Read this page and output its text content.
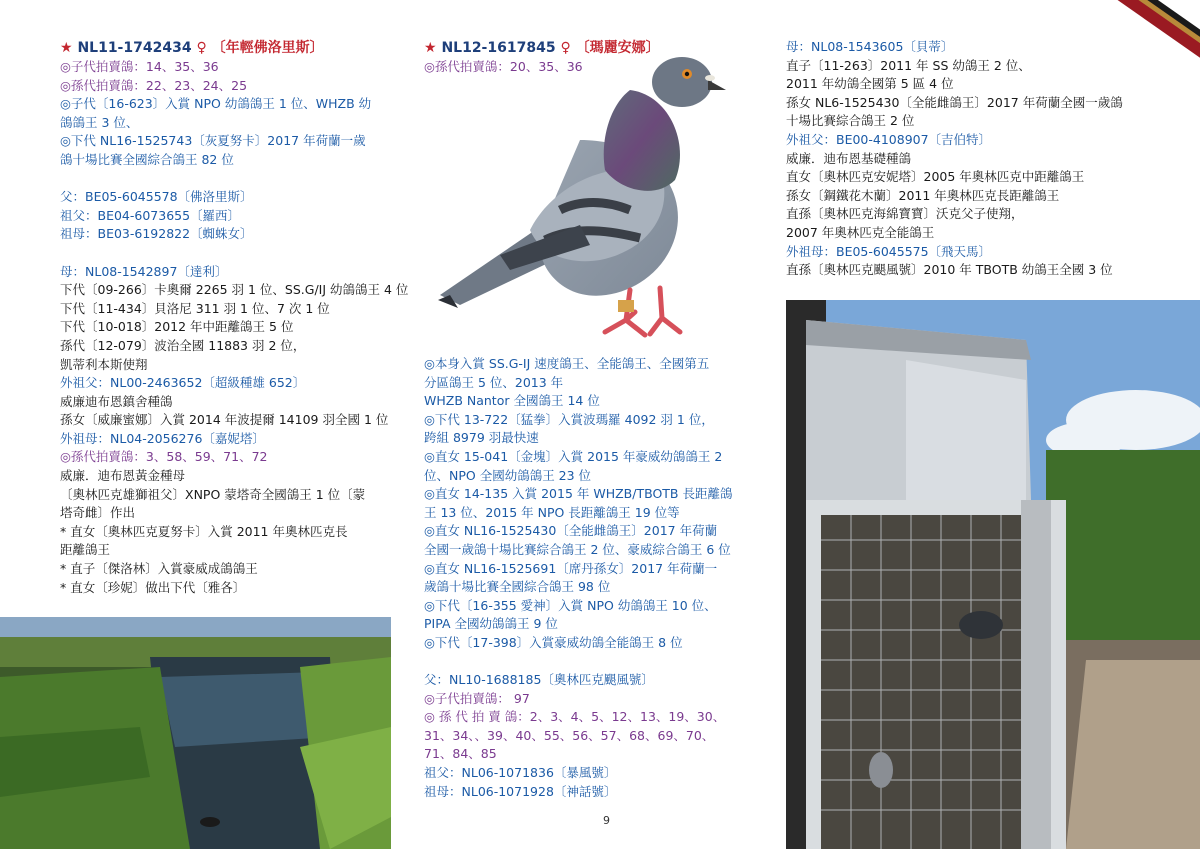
★ NL11-1742434 ♀ 〔年輕佛洛里斯〕
◎子代拍賣鴿：14、35、36
◎孫代拍賣鴿：22、23、24、25
◎子代〔16-623〕入賞 NPO 幼鴿鴿王 1 位、WHZB 幼
鴿鴿王 3 位、
◎下代 NL16-1525743〔灰夏努卡〕2017 年荷蘭一歲
鴿十場比賽全國綜合鴿王 82 位
父：BE05-6045578〔佛洛里斯〕
祖父：BE04-6073655〔羅西〕
祖母：BE03-6192822〔蜘蛛女〕
母：NL08-1542897〔達利〕
下代〔09-266〕卡奧爾 2265 羽 1 位、SS.G/IJ 幼鴿鴿王 4 位
下代〔11-434〕貝洛尼 311 羽 1 位、7 次 1 位
下代〔10-018〕2012 年中距離鴿王 5 位
孫代〔12-079〕波治全國 11883 羽 2 位，
凱蒂利本斯使翔
外祖父：NL00-2463652〔超級種雄 652〕
威廉迪布恩鎮舍種鴿
孫女〔威廉蜜娜〕入賞 2014 年波提爾 14109 羽全國 1 位
外祖母：NL04-2056276〔嘉妮塔〕
◎孫代拍賣鴿：3、58、59、71、72
威廉．迪布恩黃金種母
〔奧林匹克雄獅祖父〕XNPO 蒙塔奇全國鴿王 1 位〔蒙
塔奇雌〕作出
* 直女〔奧林匹克夏努卡〕入賞 2011 年奧林匹克長
距離鴿王
* 直子〔傑洛林〕入賞豪威成鴿鴿王
* 直女〔珍妮〕做出下代〔雅各〕
★ NL12-1617845 ♀ 〔瑪麗安娜〕
◎孫代拍賣鴿：20、35、36
◎本身入賞 SS.G-IJ 速度鴿王、全能鴿王、全國第五
分區鴿王 5 位、2013 年
WHZB Nantor 全國鴿王 14 位
◎下代 13-722〔猛拳〕入賞波瑪羅 4092 羽 1 位，
跨組 8979 羽最快速
◎直女 15-041〔金塊〕入賞 2015 年豪威幼鴿鴿王 2
位、NPO 全國幼鴿鴿王 23 位
◎直女 14-135 入賞 2015 年 WHZB/TBOTB 長距離鴿
王 13 位、2015 年 NPO 長距離鴿王 19 位等
◎直女 NL16-1525430〔全能雌鴿王〕2017 年荷蘭
全國一歲鴿十場比賽綜合鴿王 2 位、豪威綜合鴿王 6 位
◎直女 NL16-1525691〔席丹孫女〕2017 年荷蘭一
歲鴿十場比賽全國綜合鴿王 98 位
◎下代〔16-355 愛神〕入賞 NPO 幼鴿鴿王 10 位、
PIPA 全國幼鴿鴿王 9 位
◎下代〔17-398〕入賞豪威幼鴿全能鴿王 8 位
父：NL10-1688185〔奧林匹克颶風號〕
◎子代拍賣鴿： 97
◎ 孫 代 拍 賣 鴿：2、3、4、5、12、13、19、30、
31、34、、39、40、55、56、57、68、69、70、
71、84、85
祖父：NL06-1071836〔暴風號〕
祖母：NL06-1071928〔神話號〕
母：NL08-1543605〔貝蒂〕
直子〔11-263〕2011 年 SS 幼鴿王 2 位、
2011 年幼鴿全國第 5 區 4 位
孫女 NL6-1525430〔全能雌鴿王〕2017 年荷蘭全國一歲鴿
十場比賽綜合鴿王 2 位
外祖父：BE00-4108907〔吉伯特〕
威廉．迪布恩基礎種鴿
直女〔奧林匹克安妮塔〕2005 年奧林匹克中距離鴿王
孫女〔鋼鐵花木蘭〕2011 年奧林匹克長距離鴿王
直孫〔奧林匹克海綿寶寶〕沃克父子使翔，
2007 年奧林匹克全能鴿王
外祖母：BE05-6045575〔飛天馬〕
直孫〔奧林匹克颶風號〕2010 年 TBOTB 幼鴿王全國 3 位
9
